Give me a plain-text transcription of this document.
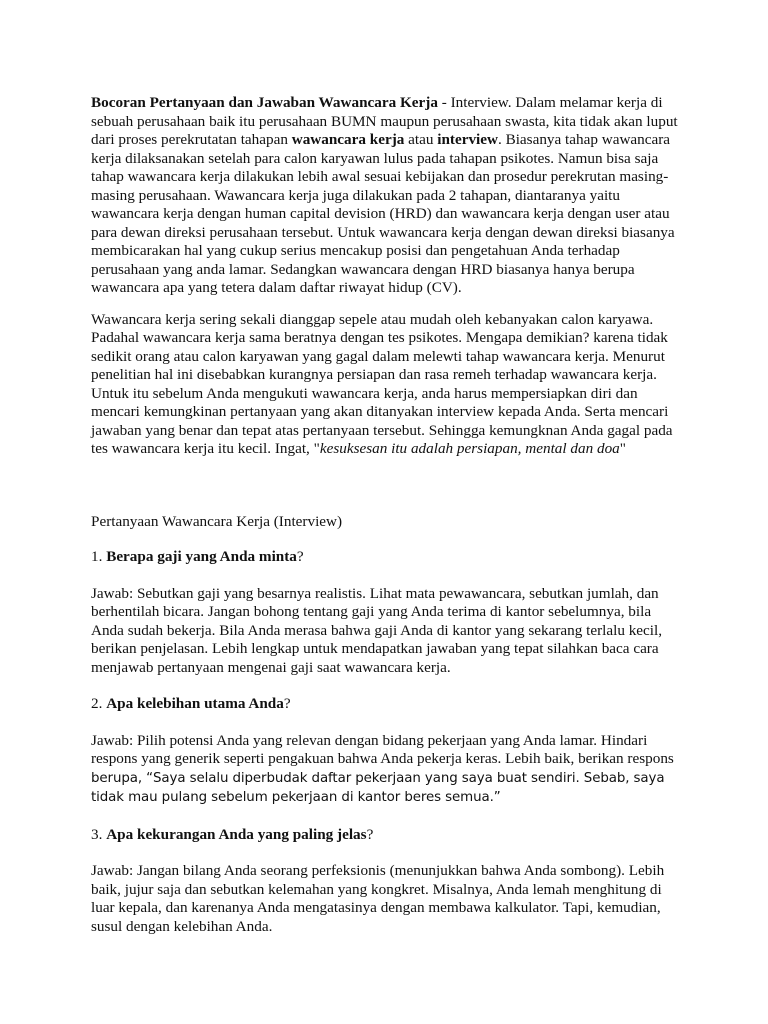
Bocoran Pertanyaan dan Jawaban Wawancara Kerja - Interview. Dalam melamar kerja di sebuah perusahaan baik itu perusahaan BUMN maupun perusahaan swasta, kita tidak akan luput dari proses perekrutatan tahapan wawancara kerja atau interview. Biasanya tahap wawancara kerja dilaksanakan setelah para calon karyawan lulus pada tahapan psikotes. Namun bisa saja tahap wawancara kerja dilakukan lebih awal sesuai kebijakan dan prosedur perekrutan masing-masing perusahaan. Wawancara kerja juga dilakukan pada 2 tahapan, diantaranya yaitu wawancara kerja dengan human capital devision (HRD) dan wawancara kerja dengan user atau para dewan direksi perusahaan tersebut. Untuk wawancara kerja dengan dewan direksi biasanya membicarakan hal yang cukup serius mencakup posisi dan pengetahuan Anda terhadap perusahaan yang anda lamar. Sedangkan wawancara dengan HRD biasanya hanya berupa wawancara apa yang tetera dalam daftar riwayat hidup (CV).

Wawancara kerja sering sekali dianggap sepele atau mudah oleh kebanyakan calon karyawa. Padahal wawancara kerja sama beratnya dengan tes psikotes. Mengapa demikian? karena tidak sedikit orang atau calon karyawan yang gagal dalam melewti tahap wawancara kerja. Menurut penelitian hal ini disebabkan kurangnya persiapan dan rasa remeh terhadap wawancara kerja. Untuk itu sebelum Anda mengukuti wawancara kerja, anda harus mempersiapkan diri dan mencari kemungkinan pertanyaan yang akan ditanyakan interview kepada Anda. Serta mencari jawaban yang benar dan tepat atas pertanyaan tersebut. Sehingga kemungknan Anda gagal pada tes wawancara kerja itu kecil. Ingat, "kesuksesan itu adalah persiapan, mental dan doa"

Pertanyaan Wawancara Kerja (Interview)

1. Berapa gaji yang Anda minta?

Jawab: Sebutkan gaji yang besarnya realistis. Lihat mata pewawancara, sebutkan jumlah, dan berhentilah bicara. Jangan bohong tentang gaji yang Anda terima di kantor sebelumnya, bila Anda sudah bekerja. Bila Anda merasa bahwa gaji Anda di kantor yang sekarang terlalu kecil, berikan penjelasan. Lebih lengkap untuk mendapatkan jawaban yang tepat silahkan baca cara menjawab pertanyaan mengenai gaji saat wawancara kerja.

2. Apa kelebihan utama Anda?

Jawab: Pilih potensi Anda yang relevan dengan bidang pekerjaan yang Anda lamar. Hindari respons yang generik seperti pengakuan bahwa Anda pekerja keras. Lebih baik, berikan respons berupa, “Saya selalu diperbudak daftar pekerjaan yang saya buat sendiri. Sebab, saya tidak mau pulang sebelum pekerjaan di kantor beres semua.”

3. Apa kekurangan Anda yang paling jelas?

Jawab: Jangan bilang Anda seorang perfeksionis (menunjukkan bahwa Anda sombong). Lebih baik, jujur saja dan sebutkan kelemahan yang kongkret. Misalnya, Anda lemah menghitung di luar kepala, dan karenanya Anda mengatasinya dengan membawa kalkulator. Tapi, kemudian, susul dengan kelebihan Anda.
